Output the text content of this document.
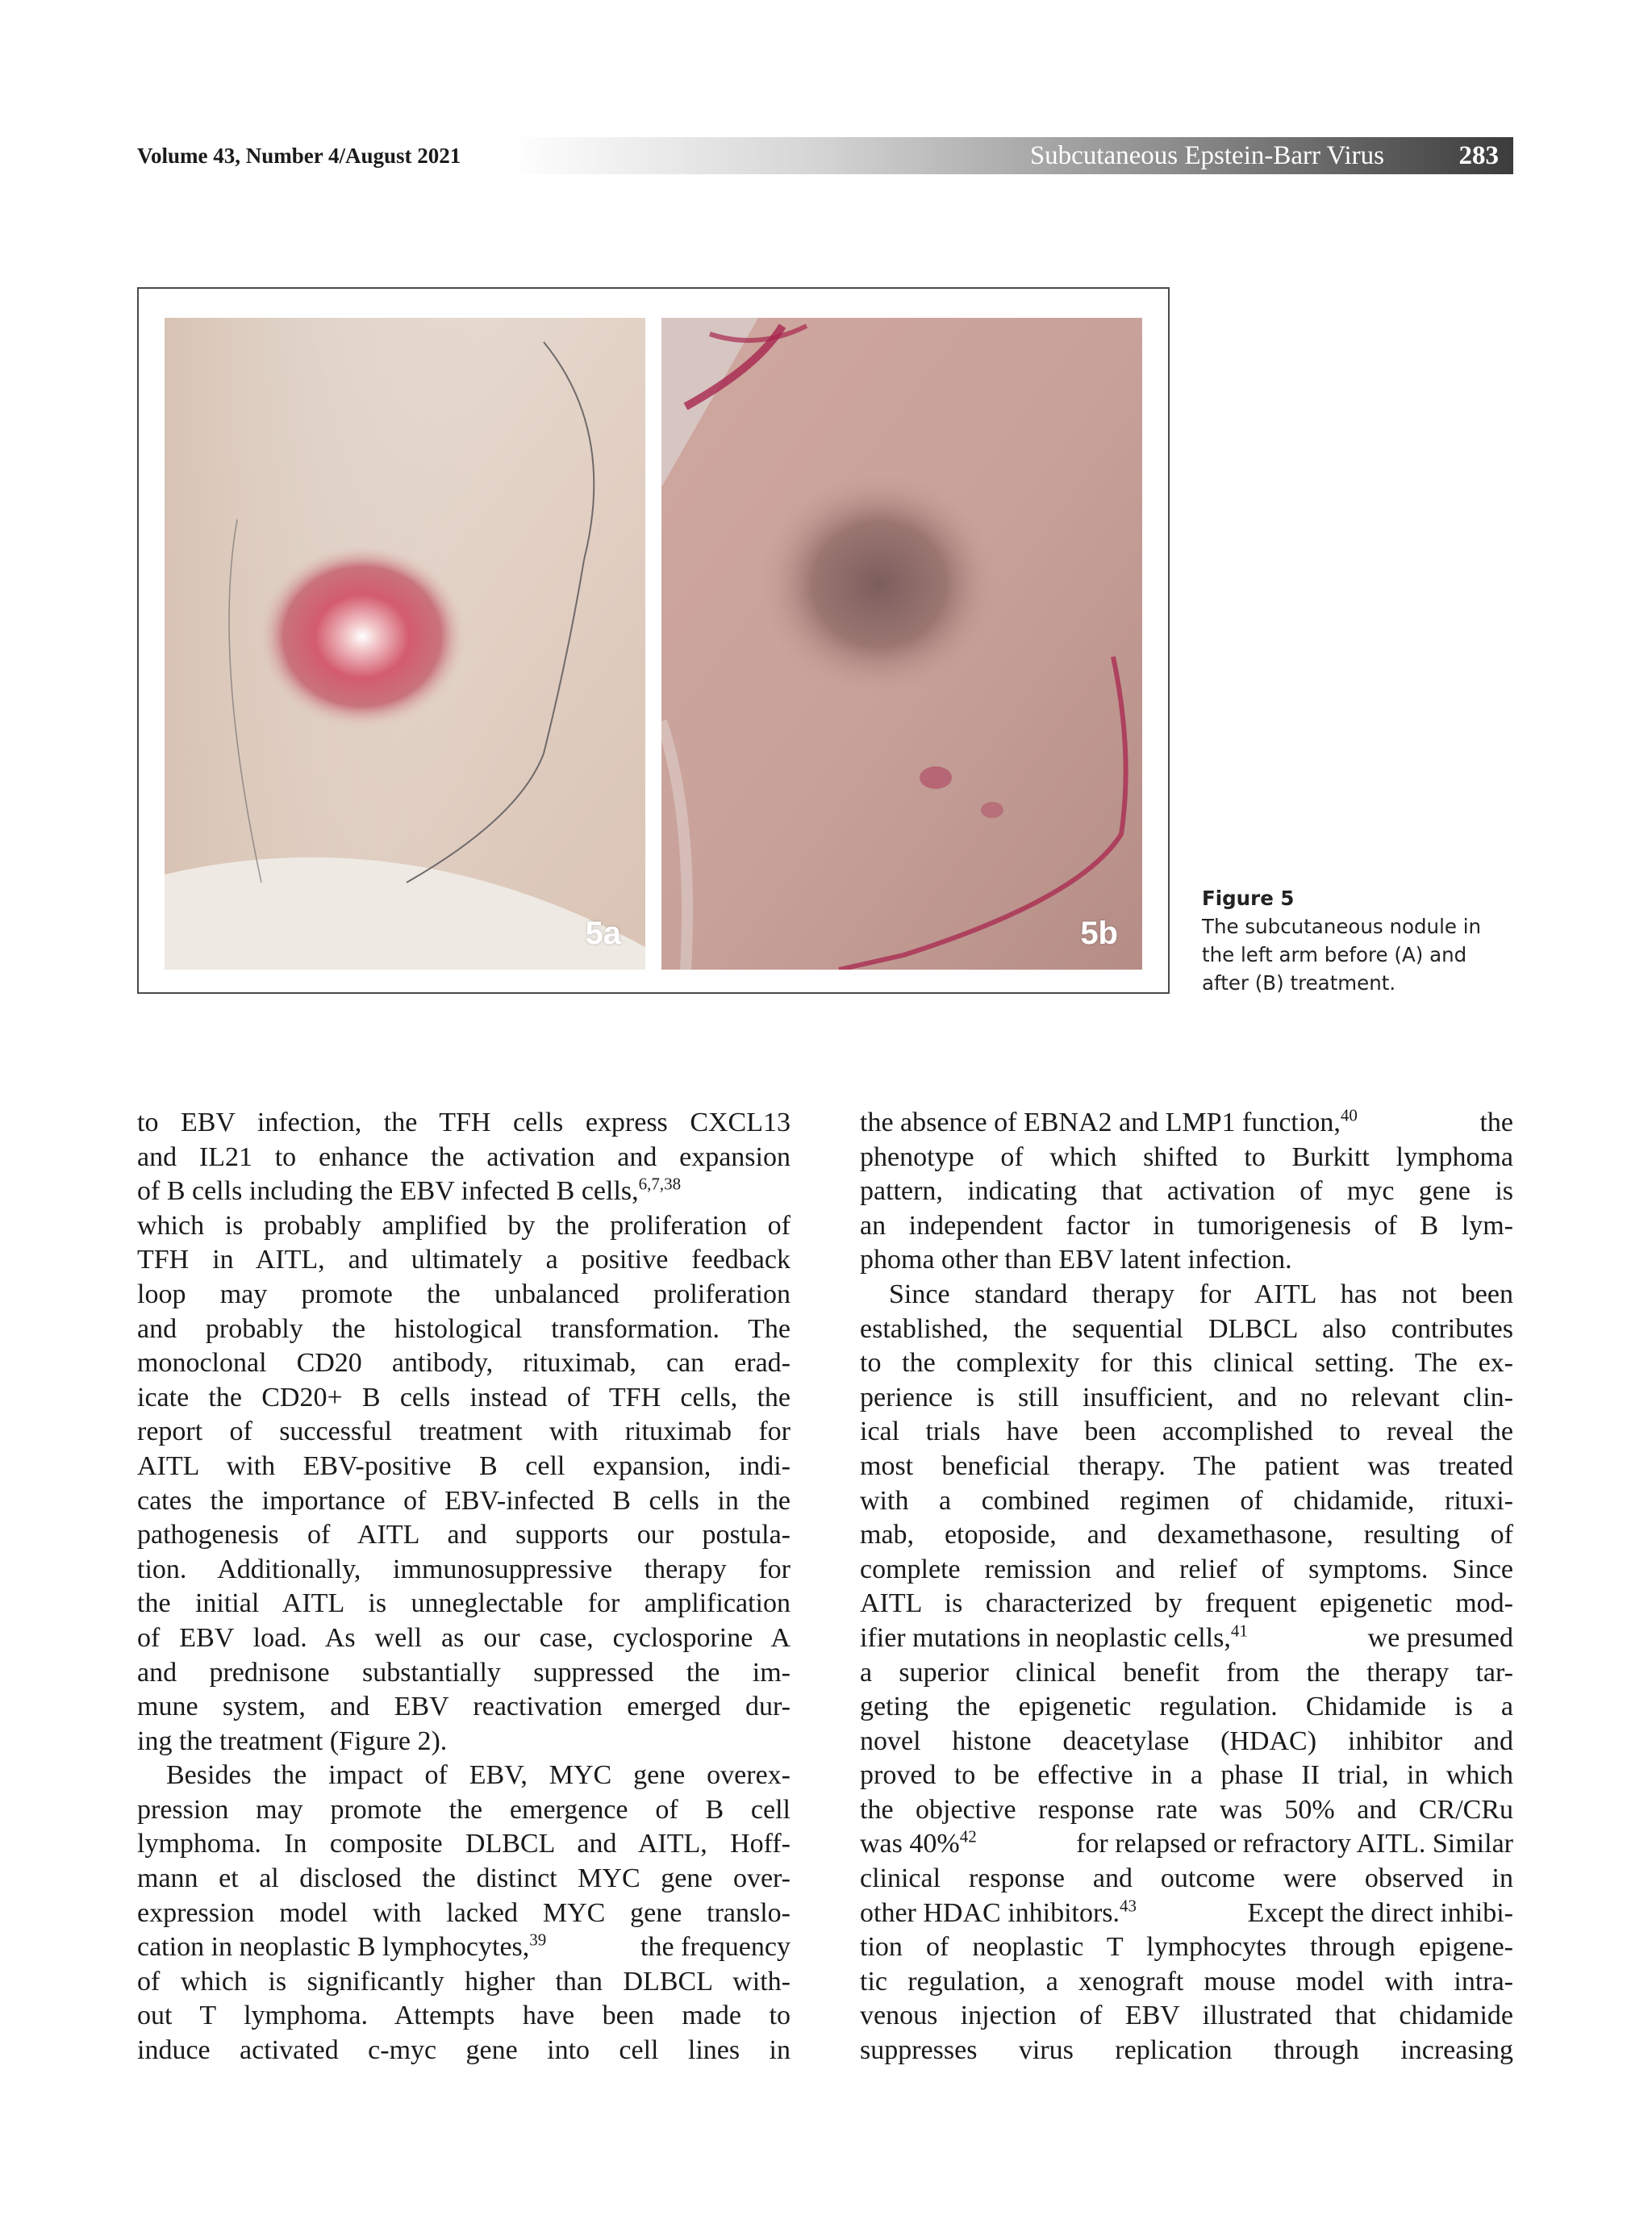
Volume 43, Number 4/August 2021	Subcutaneous Epstein-Barr Virus	283
5a	5b
Figure 5
The subcutaneous nodule in
the left arm before (A) and
after (B) treatment.
to EBV infection, the TFH cells express CXCL13
and IL21 to enhance the activation and expansion
of B cells including the EBV infected B cells,$^{6,7,38}$
which is probably amplified by the proliferation of
TFH in AITL, and ultimately a positive feedback
loop may promote the unbalanced proliferation
and probably the histological transformation. The
monoclonal CD20 antibody, rituximab, can erad-
icate the CD20+ B cells instead of TFH cells, the
report of successful treatment with rituximab for
AITL with EBV-positive B cell expansion, indi-
cates the importance of EBV-infected B cells in the
pathogenesis of AITL and supports our postula-
tion. Additionally, immunosuppressive therapy for
the initial AITL is unneglectable for amplification
of EBV load. As well as our case, cyclosporine A
and prednisone substantially suppressed the im-
mune system, and EBV reactivation emerged dur-
ing the treatment (Figure 2).
Besides the impact of EBV, MYC gene overex-
pression may promote the emergence of B cell
lymphoma. In composite DLBCL and AITL, Hoff-
mann et al disclosed the distinct MYC gene over-
expression model with lacked MYC gene translo-
cation in neoplastic B lymphocytes,$^{39}$	the frequency
of which is significantly higher than DLBCL with-
out T lymphoma. Attempts have been made to
induce activated c-myc gene into cell lines in
the absence of EBNA2 and LMP1 function,$^{40}$	the
phenotype of which shifted to Burkitt lymphoma
pattern, indicating that activation of myc gene is
an independent factor in tumorigenesis of B lym-
phoma other than EBV latent infection.
Since standard therapy for AITL has not been
established, the sequential DLBCL also contributes
to the complexity for this clinical setting. The ex-
perience is still insufficient, and no relevant clin-
ical trials have been accomplished to reveal the
most beneficial therapy. The patient was treated
with a combined regimen of chidamide, rituxi-
mab, etoposide, and dexamethasone, resulting of
complete remission and relief of symptoms. Since
AITL is characterized by frequent epigenetic mod-
ifier mutations in neoplastic cells,$^{41}$	we presumed
a superior clinical benefit from the therapy tar-
geting the epigenetic regulation. Chidamide is a
novel histone deacetylase (HDAC) inhibitor and
proved to be effective in a phase II trial, in which
the objective response rate was 50% and CR/CRu
was 40%$^{42}$	for relapsed or refractory AITL. Similar
clinical response and outcome were observed in
other HDAC inhibitors.$^{43}$	Except the direct inhibi-
tion of neoplastic T lymphocytes through epigene-
tic regulation, a xenograft mouse model with intra-
venous injection of EBV illustrated that chidamide
suppresses virus replication through increasing
